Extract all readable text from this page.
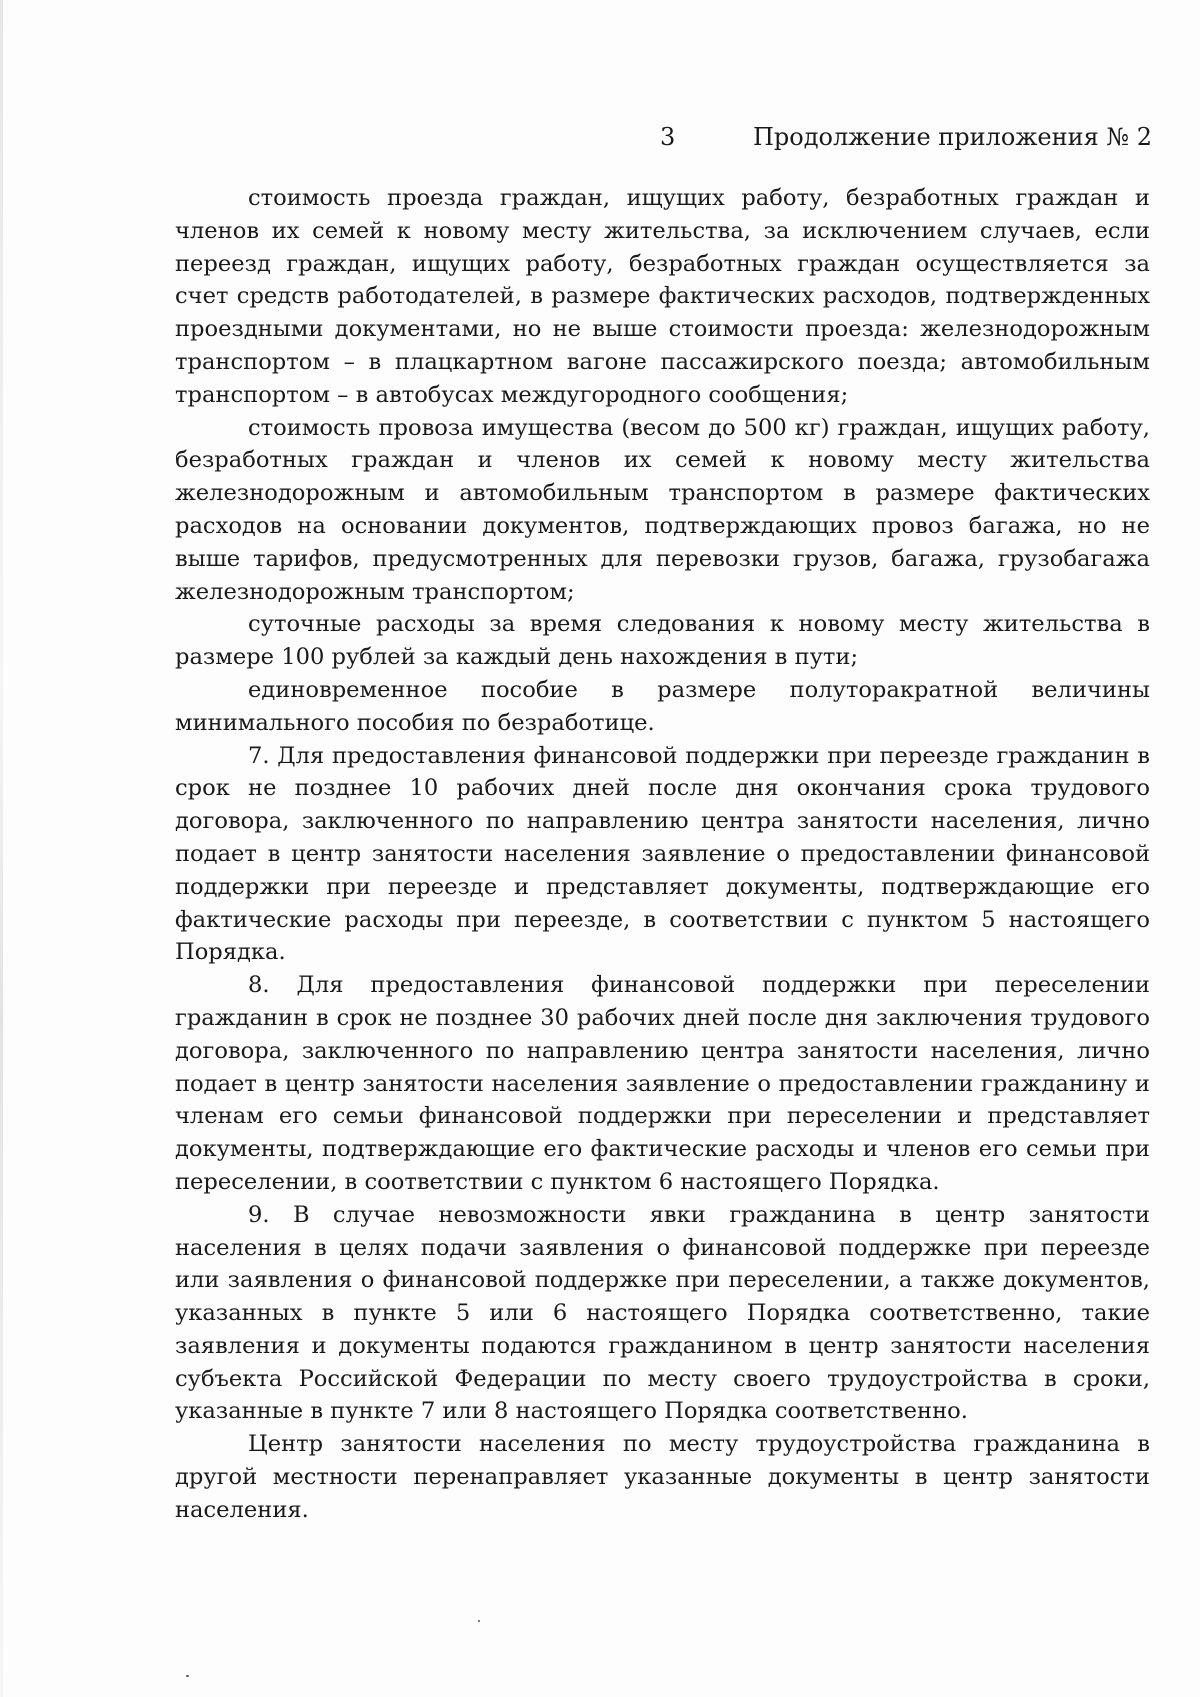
3	Продолжение приложения № 2

стоимость проезда граждан, ищущих работу, безработных граждан и членов их семей к новому месту жительства, за исключением случаев, если переезд граждан, ищущих работу, безработных граждан осуществляется за счет средств работодателей, в размере фактических расходов, подтвержденных проездными документами, но не выше стоимости проезда: железнодорожным транспортом – в плацкартном вагоне пассажирского поезда; автомобильным транспортом – в автобусах междугородного сообщения;

стоимость провоза имущества (весом до 500 кг) граждан, ищущих работу, безработных граждан и членов их семей к новому месту жительства железнодорожным и автомобильным транспортом в размере фактических расходов на основании документов, подтверждающих провоз багажа, но не выше тарифов, предусмотренных для перевозки грузов, багажа, грузобагажа железнодорожным транспортом;

суточные расходы за время следования к новому месту жительства в размере 100 рублей за каждый день нахождения в пути;

единовременное пособие в размере полуторакратной величины минимального пособия по безработице.

7. Для предоставления финансовой поддержки при переезде гражданин в срок не позднее 10 рабочих дней после дня окончания срока трудового договора, заключенного по направлению центра занятости населения, лично подает в центр занятости населения заявление о предоставлении финансовой поддержки при переезде и представляет документы, подтверждающие его фактические расходы при переезде, в соответствии с пунктом 5 настоящего Порядка.

8. Для предоставления финансовой поддержки при переселении гражданин в срок не позднее 30 рабочих дней после дня заключения трудового договора, заключенного по направлению центра занятости населения, лично подает в центр занятости населения заявление о предоставлении гражданину и членам его семьи финансовой поддержки при переселении и представляет документы, подтверждающие его фактические расходы и членов его семьи при переселении, в соответствии с пунктом 6 настоящего Порядка.

9. В случае невозможности явки гражданина в центр занятости населения в целях подачи заявления о финансовой поддержке при переезде или заявления о финансовой поддержке при переселении, а также документов, указанных в пункте 5 или 6 настоящего Порядка соответственно, такие заявления и документы подаются гражданином в центр занятости населения субъекта Российской Федерации по месту своего трудоустройства в сроки, указанные в пункте 7 или 8 настоящего Порядка соответственно.

Центр занятости населения по месту трудоустройства гражданина в другой местности перенаправляет указанные документы в центр занятости населения.
